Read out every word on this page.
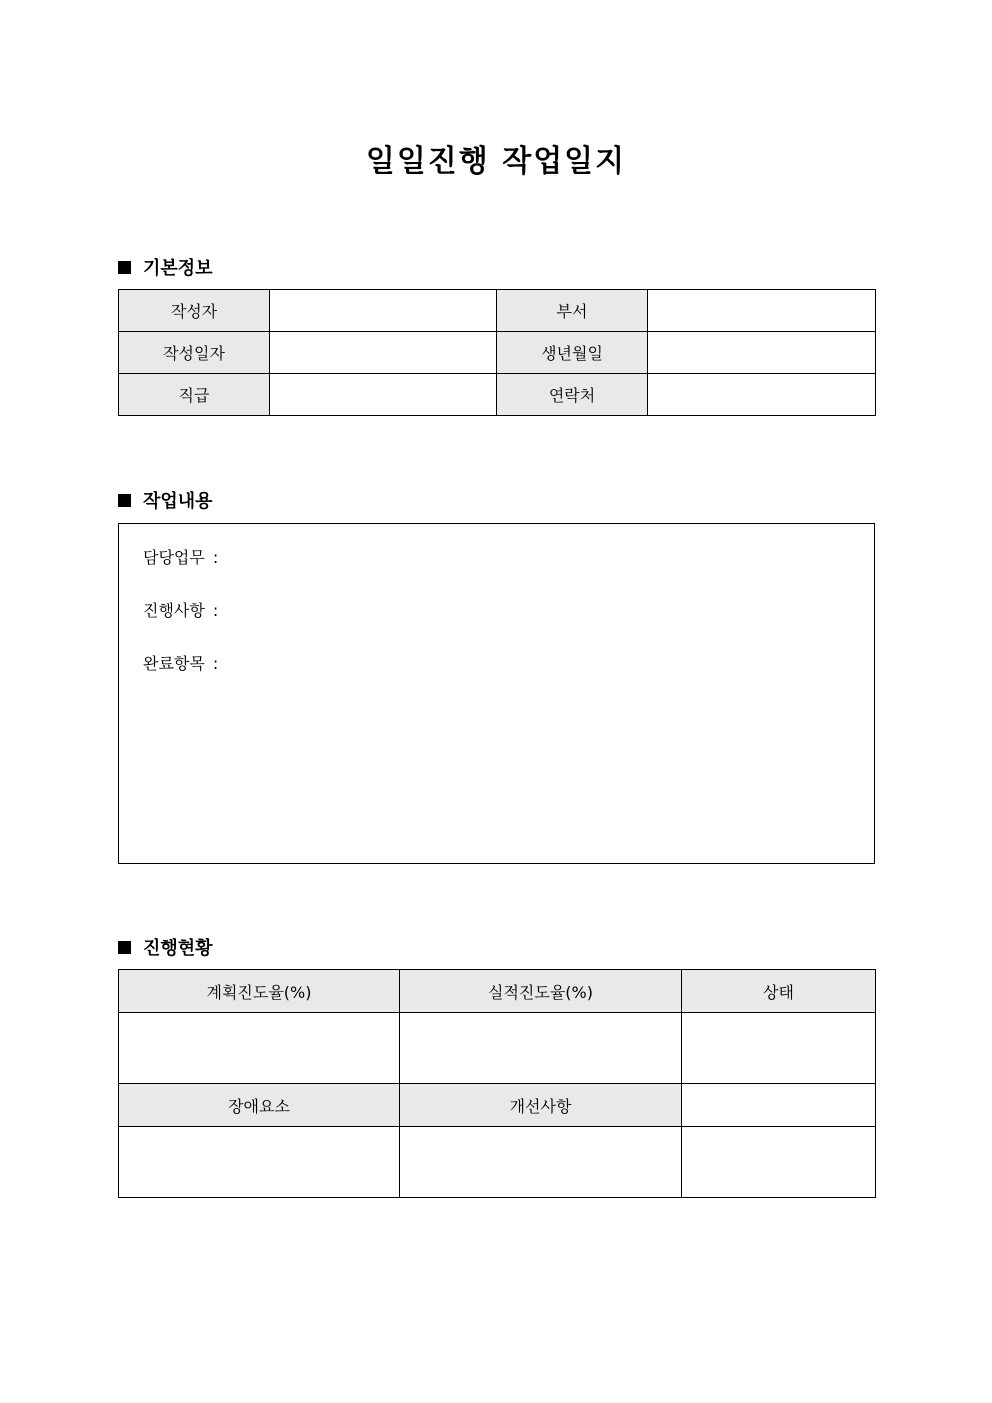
일일진행 작업일지
기본정보
작성자		부서	
작성일자		생년월일	
직급		연락처	
작업내용
담당업무 :
진행사항 :
완료항목 :
진행현황
계획진도율(%)	실적진도율(%)	상태

장애요소	개선사항	
